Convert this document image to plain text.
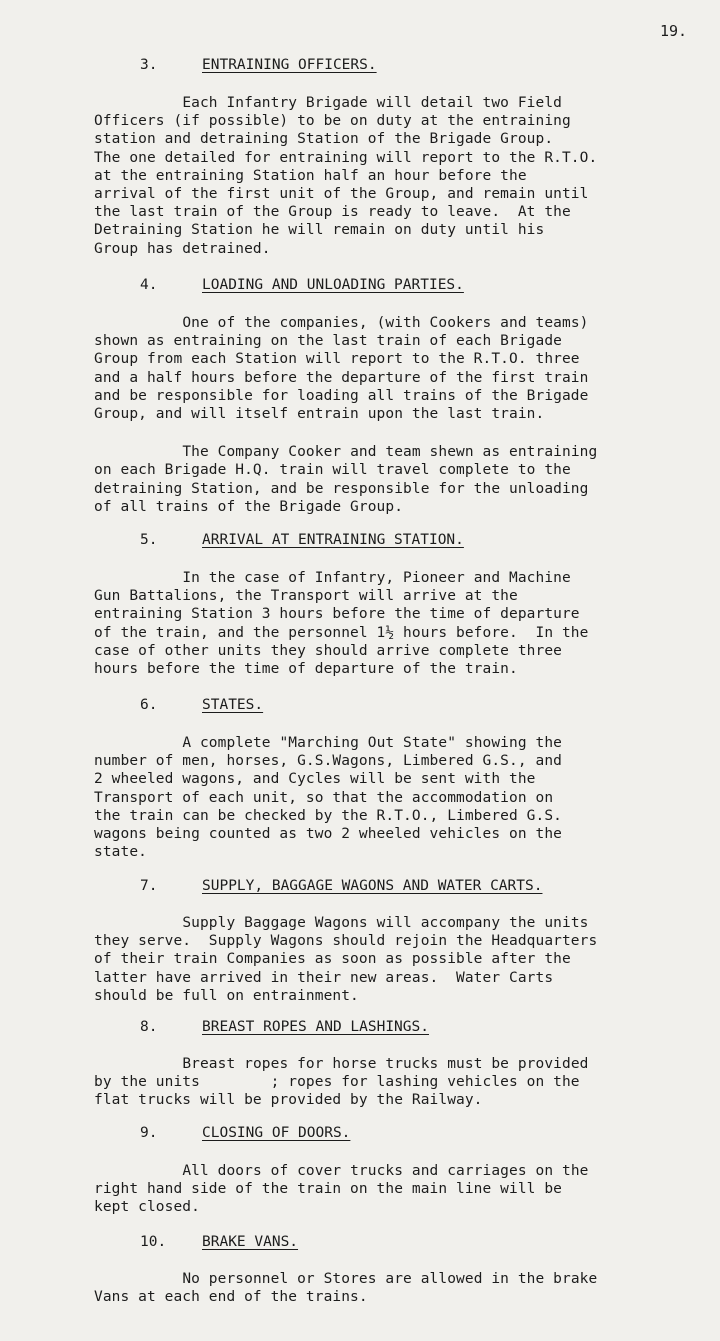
19.
3.	ENTRAINING OFFICERS.
Each Infantry Brigade will detail two Field
Officers (if possible) to be on duty at the entraining
station and detraining Station of the Brigade Group.
The one detailed for entraining will report to the R.T.O.
at the entraining Station half an hour before the
arrival of the first unit of the Group, and remain until
the last train of the Group is ready to leave.  At the
Detraining Station he will remain on duty until his
Group has detrained.
4.	LOADING AND UNLOADING PARTIES.
One of the companies, (with Cookers and teams)
shown as entraining on the last train of each Brigade
Group from each Station will report to the R.T.O. three
and a half hours before the departure of the first train
and be responsible for loading all trains of the Brigade
Group, and will itself entrain upon the last train.
The Company Cooker and team shewn as entraining
on each Brigade H.Q. train will travel complete to the
detraining Station, and be responsible for the unloading
of all trains of the Brigade Group.
5.	ARRIVAL AT ENTRAINING STATION.
In the case of Infantry, Pioneer and Machine
Gun Battalions, the Transport will arrive at the
entraining Station 3 hours before the time of departure
of the train, and the personnel 1½ hours before.  In the
case of other units they should arrive complete three
hours before the time of departure of the train.
6.	STATES.
A complete "Marching Out State" showing the
number of men, horses, G.S.Wagons, Limbered G.S., and
2 wheeled wagons, and Cycles will be sent with the
Transport of each unit, so that the accommodation on
the train can be checked by the R.T.O., Limbered G.S.
wagons being counted as two 2 wheeled vehicles on the
state.
7.	SUPPLY, BAGGAGE WAGONS AND WATER CARTS.
Supply Baggage Wagons will accompany the units
they serve.  Supply Wagons should rejoin the Headquarters
of their train Companies as soon as possible after the
latter have arrived in their new areas.  Water Carts
should be full on entrainment.
8.	BREAST ROPES AND LASHINGS.
Breast ropes for horse trucks must be provided
by the units        ; ropes for lashing vehicles on the
flat trucks will be provided by the Railway.
9.	CLOSING OF DOORS.
All doors of cover trucks and carriages on the
right hand side of the train on the main line will be
kept closed.
10. BRAKE VANS.
No personnel or Stores are allowed in the brake
Vans at each end of the trains.
